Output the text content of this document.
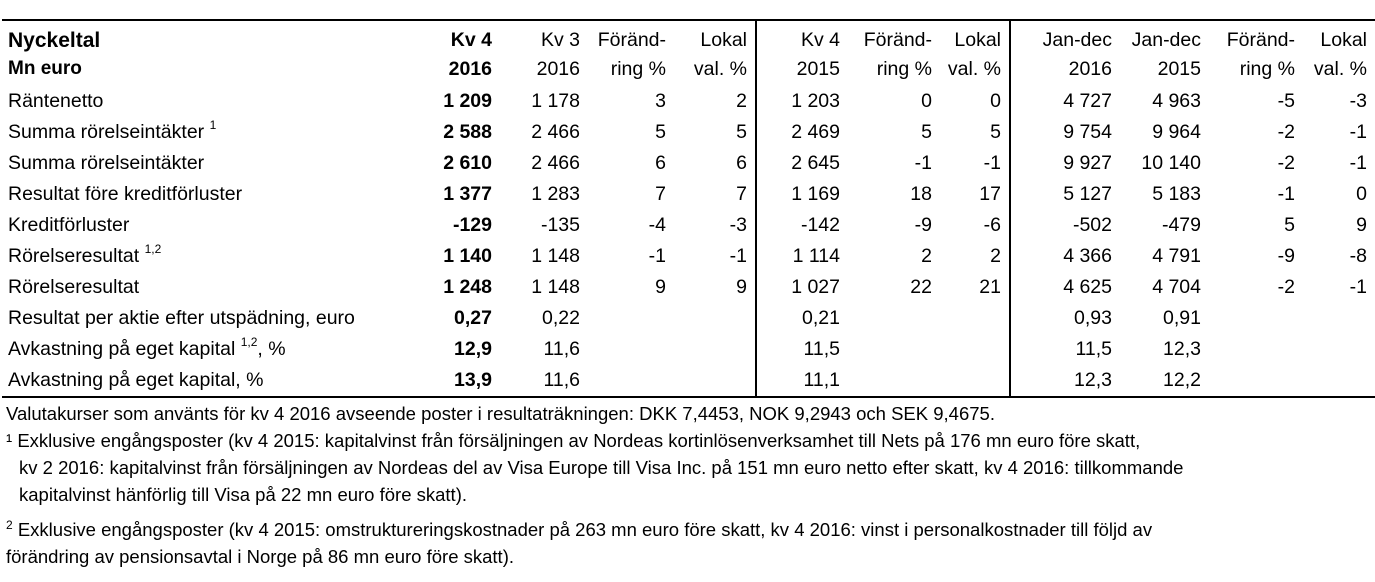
Nyckeltal	Kv 4	Kv 3	Föränd-	Lokal	Kv 4	Föränd-	Lokal	Jan-dec	Jan-dec	Föränd-	Lokal
Mn euro	2016	2016	ring %	val. %	2015	ring %	val. %	2016	2015	ring %	val. %
Räntenetto	1 209	1 178	3	2	1 203	0	0	4 727	4 963	-5	-3
Summa rörelseintäkter $^1$	2 588	2 466	5	5	2 469	5	5	9 754	9 964	-2	-1
Summa rörelseintäkter	2 610	2 466	6	6	2 645	-1	-1	9 927	10 140	-2	-1
Resultat före kreditförluster	1 377	1 283	7	7	1 169	18	17	5 127	5 183	-1	0
Kreditförluster	-129	-135	-4	-3	-142	-9	-6	-502	-479	5	9
Rörelseresultat $^{1,2}$	1 140	1 148	-1	-1	1 114	2	2	4 366	4 791	-9	-8
Rörelseresultat	1 248	1 148	9	9	1 027	22	21	4 625	4 704	-2	-1
Resultat per aktie efter utspädning, euro	0,27	0,22			0,21			0,93	0,91		
Avkastning på eget kapital $^{1,2}$, %	12,9	11,6			11,5			11,5	12,3		
Avkastning på eget kapital, %	13,9	11,6			11,1			12,3	12,2		

Valutakurser som använts för kv 4 2016 avseende poster i resultaträkningen: DKK 7,4453, NOK 9,2943 och SEK 9,4675.

¹ Exklusive engångsposter (kv 4 2015: kapitalvinst från försäljningen av Nordeas kortinlösenverksamhet till Nets på 176 mn euro före skatt,

kv 2 2016: kapitalvinst från försäljningen av Nordeas del av Visa Europe till Visa Inc. på 151 mn euro netto efter skatt, kv 4 2016: tillkommande

kapitalvinst hänförlig till Visa på 22 mn euro före skatt).

$^2$ Exklusive engångsposter (kv 4 2015: omstruktureringskostnader på 263 mn euro före skatt, kv 4 2016: vinst i personalkostnader till följd av

förändring av pensionsavtal i Norge på 86 mn euro före skatt).
